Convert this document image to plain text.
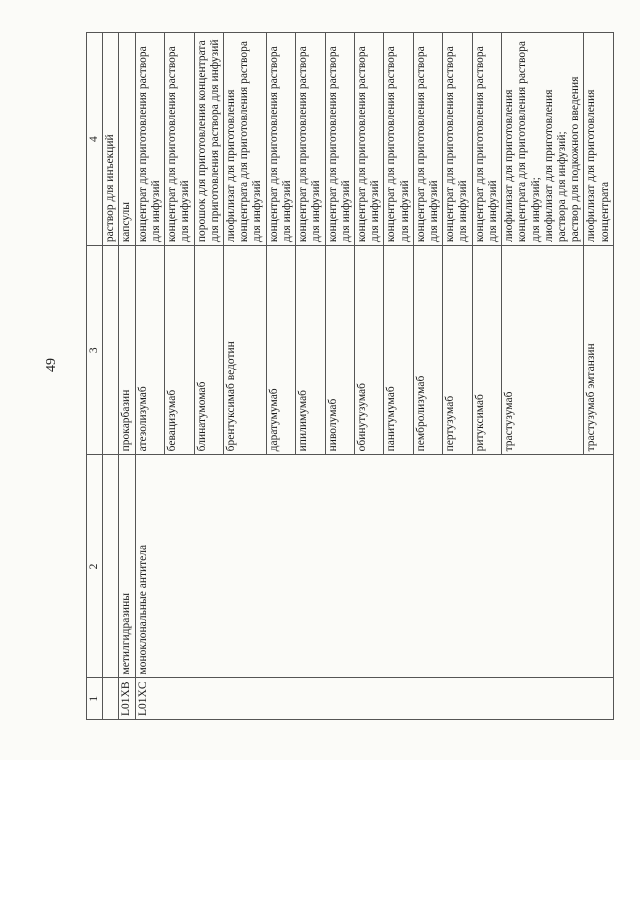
49
1	2	3	4
			раствор для инъекций
L01XB	метилгидразины	прокарбазин	капсулы
L01XC	моноклональные антитела	атезолизумаб	концентрат для приготовления раствора для инфузий
		бевацизумаб	концентрат для приготовления раствора для инфузий
		блинатумомаб	порошок для приготовления концентрата для приготовления раствора для инфузий
		брентуксимаб ведотин	лиофилизат для приготовления концентрата для приготовления раствора для инфузий
		даратумумаб	концентрат для приготовления раствора для инфузий
		ипилимумаб	концентрат для приготовления раствора для инфузий
		ниволумаб	концентрат для приготовления раствора для инфузий
		обинутузумаб	концентрат для приготовления раствора для инфузий
		панитумумаб	концентрат для приготовления раствора для инфузий
		пембролизумаб	концентрат для приготовления раствора для инфузий
		пертузумаб	концентрат для приготовления раствора для инфузий
		ритуксимаб	концентрат для приготовления раствора для инфузий
		трастузумаб	лиофилизат для приготовления
концентрата для приготовления раствора для инфузий;
лиофилизат для приготовления
раствора для инфузий;
раствор для подкожного введения
		трастузумаб эмтанзин	лиофилизат для приготовления концентрата
